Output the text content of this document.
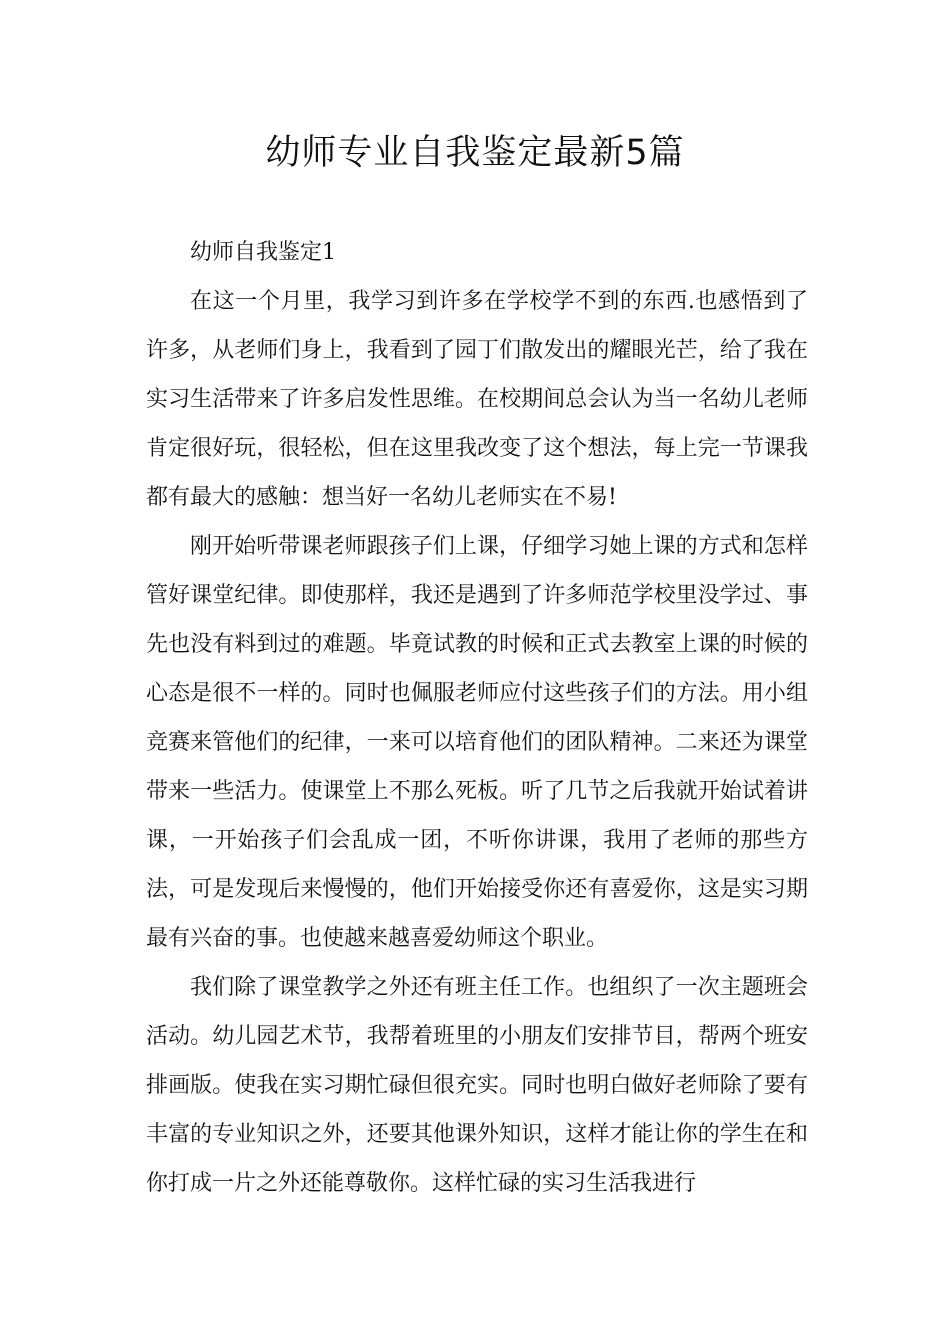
幼师专业自我鉴定最新5篇

幼师自我鉴定1

在这一个月里，我学习到许多在学校学不到的东西.也感悟到了许多，从老师们身上，我看到了园丁们散发出的耀眼光芒，给了我在实习生活带来了许多启发性思维。在校期间总会认为当一名幼儿老师肯定很好玩，很轻松，但在这里我改变了这个想法，每上完一节课我都有最大的感触：想当好一名幼儿老师实在不易!

刚开始听带课老师跟孩子们上课，仔细学习她上课的方式和怎样管好课堂纪律。即使那样，我还是遇到了许多师范学校里没学过、事先也没有料到过的难题。毕竟试教的时候和正式去教室上课的时候的心态是很不一样的。同时也佩服老师应付这些孩子们的方法。用小组竞赛来管他们的纪律，一来可以培育他们的团队精神。二来还为课堂带来一些活力。使课堂上不那么死板。听了几节之后我就开始试着讲课，一开始孩子们会乱成一团，不听你讲课，我用了老师的那些方法，可是发现后来慢慢的，他们开始接受你还有喜爱你，这是实习期最有兴奋的事。也使越来越喜爱幼师这个职业。

我们除了课堂教学之外还有班主任工作。也组织了一次主题班会活动。幼儿园艺术节，我帮着班里的小朋友们安排节目，帮两个班安排画版。使我在实习期忙碌但很充实。同时也明白做好老师除了要有丰富的专业知识之外，还要其他课外知识，这样才能让你的学生在和你打成一片之外还能尊敬你。这样忙碌的实习生活我进行
